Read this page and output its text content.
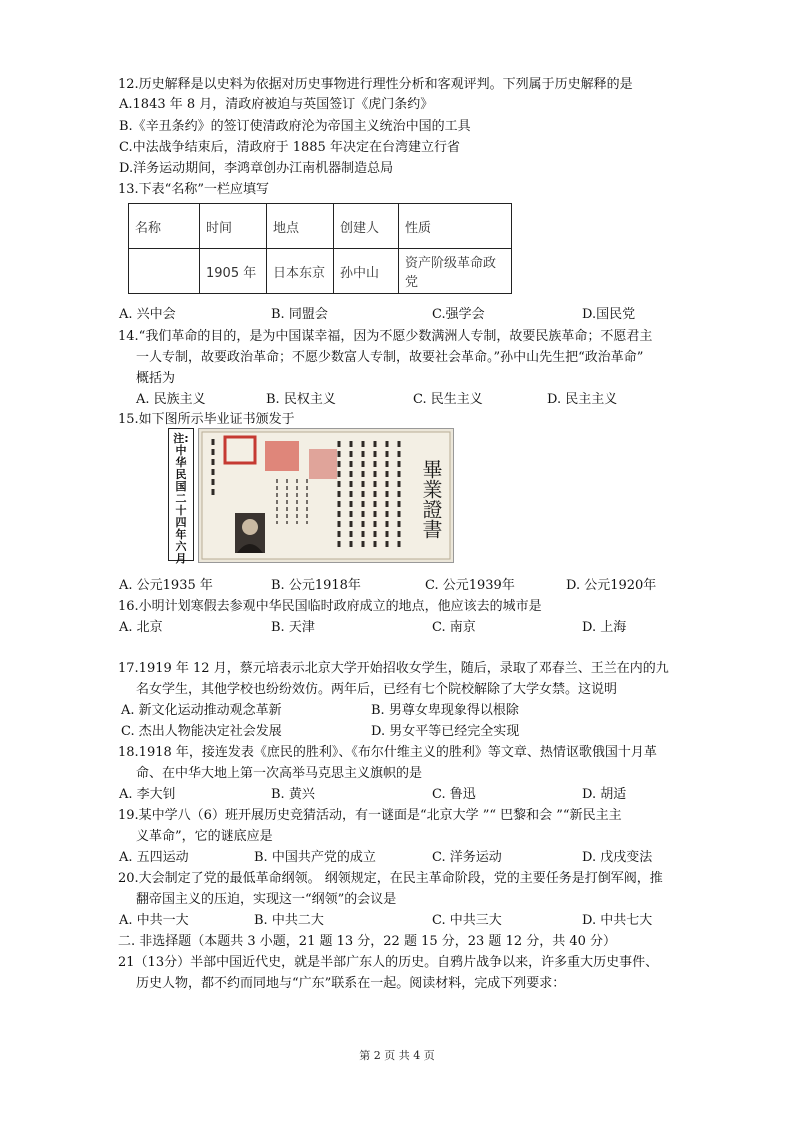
12.历史解释是以史料为依据对历史事物进行理性分析和客观评判。下列属于历史解释的是
A.1843 年 8 月，清政府被迫与英国签订《虎门条约》
B.《辛丑条约》的签订使清政府沦为帝国主义统治中国的工具
C.中法战争结束后，清政府于 1885 年决定在台湾建立行省
D.洋务运动期间，李鸿章创办江南机器制造总局
13.下表“名称”一栏应填写
名称	时间	地点	创建人	性质
	1905 年	日本东京	孙中山	资产阶级革命政党
A. 兴中会	B. 同盟会	C.强学会	D.国民党
14.“我们革命的目的，是为中国谋幸福，因为不愿少数满洲人专制，故要民族革命；不愿君主
一人专制，故要政治革命；不愿少数富人专制，故要社会革命。”孙中山先生把“政治革命”
概括为
A. 民族主义	B. 民权主义	C. 民生主义	D. 民主主义
15.如下图所示毕业证书颁发于
注:
中
华
民
国
二
十
四
年
六
月
畢業證書
A. 公元1935 年	B. 公元1918年	C. 公元1939年	D. 公元1920年
16.小明计划寒假去参观中华民国临时政府成立的地点，他应该去的城市是
A. 北京	B. 天津	C. 南京	D. 上海
17.1919 年 12 月，蔡元培表示北京大学开始招收女学生，随后，录取了邓春兰、王兰在内的九
名女学生，其他学校也纷纷效仿。两年后，已经有七个院校解除了大学女禁。这说明
A. 新文化运动推动观念革新	B. 男尊女卑现象得以根除
C. 杰出人物能决定社会发展	D. 男女平等已经完全实现
18.1918 年，接连发表《庶民的胜利》、《布尔什维主义的胜利》等文章、热情讴歌俄国十月革
命、在中华大地上第一次高举马克思主义旗帜的是
A. 李大钊	B. 黄兴	C. 鲁迅	D. 胡适
19.某中学八（6）班开展历史竞猜活动，有一谜面是“北京大学 ”“ 巴黎和会 ”“新民主主
义革命”，它的谜底应是
A. 五四运动	B. 中国共产党的成立	C. 洋务运动	D. 戊戌变法
20.大会制定了党的最低革命纲领。 纲领规定，在民主革命阶段，党的主要任务是打倒军阀，推
翻帝国主义的压迫，实现这一“纲领”的会议是
A. 中共一大	B. 中共二大	C. 中共三大	D. 中共七大
二. 非选择题（本题共 3 小题，21 题 13 分，22 题 15 分，23 题 12 分，共 40 分）
21（13分）半部中国近代史，就是半部广东人的历史。自鸦片战争以来，许多重大历史事件、
历史人物，都不约而同地与“广东”联系在一起。阅读材料，完成下列要求：
第 2 页 共 4 页
